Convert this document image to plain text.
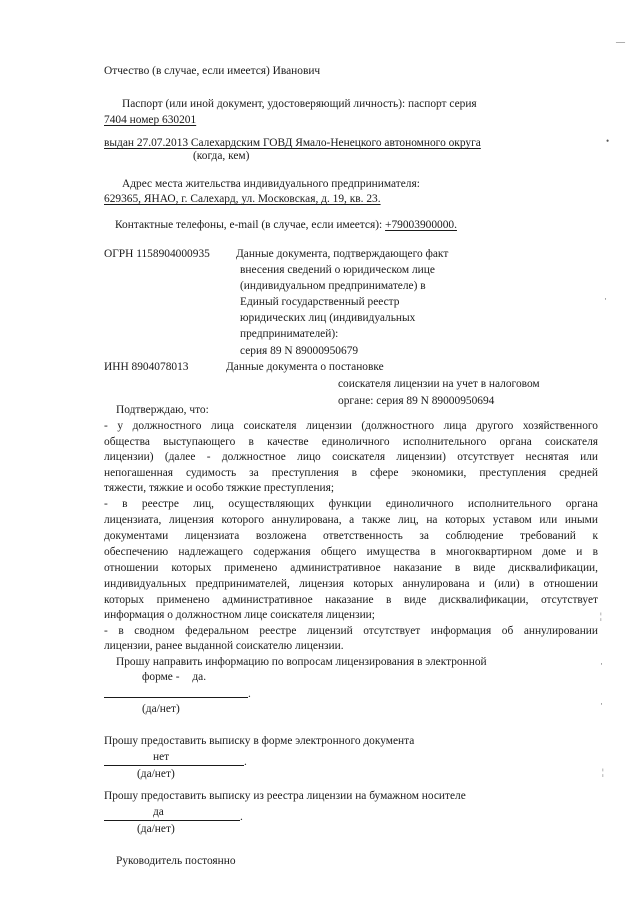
Отчество (в случае, если имеется) Иванович
Паспорт (или иной документ, удостоверяющий личность): паспорт серия
7404 номер 630201
выдан 27.07.2013 Салехардским ГОВД Ямало-Ненецкого автономного округа
(когда, кем)
Адрес места жительства индивидуального предпринимателя:
629365, ЯНАО, г. Салехард, ул. Московская, д. 19, кв. 23.
Контактные телефоны, e-mail (в случае, если имеется): +79003900000.
ОГРН 1158904000935 Данные документа, подтверждающего факт
внесения сведений о юридическом лице
(индивидуальном предпринимателе) в
Единый государственный реестр
юридических лиц (индивидуальных
предпринимателей):
серия 89 N 89000950679
ИНН 8904078013	Данные документа о постановке
соискателя лицензии на учет в налоговом
органе: серия 89 N 89000950694
Подтверждаю, что:
- у должностного лица соискателя лицензии (должностного лица другого хозяйственного
общества выступающего в качестве единоличного исполнительного органа соискателя
лицензии) (далее - должностное лицо соискателя лицензии) отсутствует неснятая или
непогашенная судимость за преступления в сфере экономики, преступления средней
тяжести, тяжкие и особо тяжкие преступления;
- в реестре лиц, осуществляющих функции единоличного исполнительного органа
лицензиата, лицензия которого аннулирована, а также лиц, на которых уставом или иными
документами лицензиата возложена ответственность за соблюдение требований к
обеспечению надлежащего содержания общего имущества в многоквартирном доме и в
отношении которых применено административное наказание в виде дисквалификации,
индивидуальных предпринимателей, лицензия которых аннулирована и (или) в отношении
которых применено административное наказание в виде дисквалификации, отсутствует
информация о должностном лице соискателя лицензии;
- в сводном федеральном реестре лицензий отсутствует информация об аннулировании
лицензии, ранее выданной соискателю лицензии.
Прошу направить информацию по вопросам лицензирования в электронной
форме - да.
.
(да/нет)
Прошу предоставить выписку в форме электронного документа
нет	.
(да/нет)
Прошу предоставить выписку из реестра лицензии на бумажном носителе
да	.
(да/нет)
Руководитель постоянно
—
•
·
¦
·
·
¦
